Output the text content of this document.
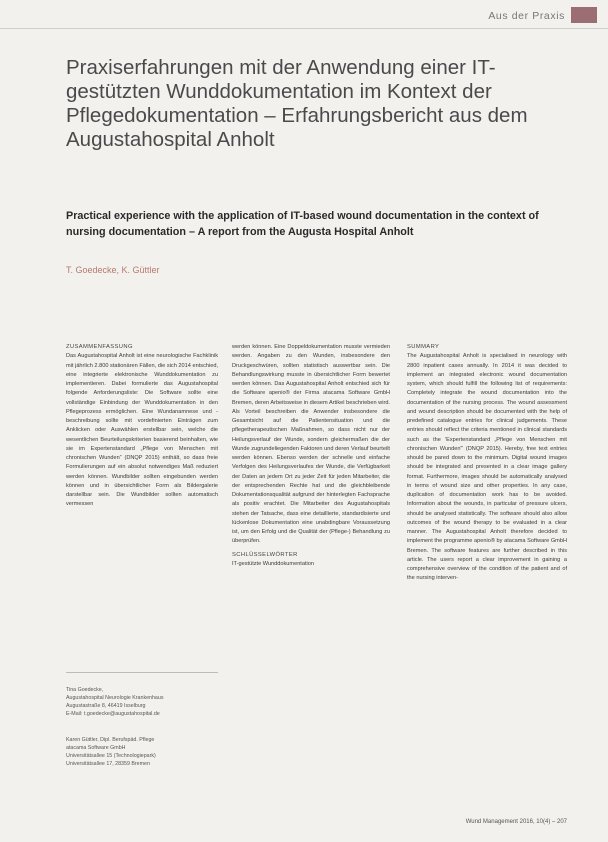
Aus der Praxis
Praxiserfahrungen mit der Anwendung einer IT-gestützten Wunddokumentation im Kontext der Pflegedokumentation – Erfahrungsbericht aus dem Augustahospital Anholt
Practical experience with the application of IT-based wound documentation in the context of nursing documentation – A report from the Augusta Hospital Anholt
T. Goedecke, K. Güttler
ZUSAMMENFASSUNG

Das Augustahospital Anholt ist eine neurologische Fachklinik mit jährlich 2.800 stationären Fällen, die sich 2014 entschied, eine integrierte elektronische Wunddokumentation zu implementieren. Dabei formulierte das Augustahospital folgende Anforderungsliste: Die Software sollte eine vollständige Einbindung der Wunddokumentation in den Pflegeprozess ermöglichen. Eine Wundanamnese und -beschreibung sollte mit vordefinierten Einträgen zum Anklicken oder Auswählen erstellbar sein, welche die wesentlichen Beurteilungskriterien basierend beinhalten, wie sie im Expertenstandard „Pflege von Menschen mit chronischen Wunden“ (DNQP 2015) enthält, so dass freie Formulierungen auf ein absolut notwendiges Maß reduziert werden können. Wundbilder sollten eingebunden werden können und in übersichtlicher Form als Bildergalerie darstellbar sein. Die Wundbilder sollten automatisch vermessen

werden können. Eine Doppeldokumentation musste vermieden werden. Angaben zu den Wunden, insbesondere den Druckgeschwüren, sollten statistisch auswertbar sein. Die Behandlungswirkung musste in übersichtlicher Form bewertet werden können. Das Augustahospital Anholt entschied sich für die Software apenio® der Firma atacama Software GmbH Bremen, deren Arbeitsweise in diesem Artikel beschrieben wird. Als Vorteil beschreiben die Anwender insbesondere die Gesamtsicht auf die Patientensituation und die pflegetherapeutischen Maßnahmen, so dass nicht nur der Heilungsverlauf der Wunde, sondern gleichermaßen die der Wunde zugrundeliegenden Faktoren und deren Verlauf beurteilt werden können. Ebenso werden der schnelle und einfache Verfolgen des Heilungsverlaufes der Wunde, die Verfügbarkeit der Daten an jedem Ort zu jeder Zeit für jeden Mitarbeiter, die der entsprechenden Rechte hat und die gleichbleibende Dokumentationsqualität aufgrund der hinterlegten Fachsprache als positiv erachtet. Die Mitarbeiter des Augustahospitals stehen der Tatsache, dass eine detaillierte, standardisierte und lückenlose Dokumentation eine unabdingbare Voraussetzung ist, um den Erfolg und die Qualität der (Pflege-) Behandlung zu überprüfen.

SCHLÜSSELWÖRTER

IT-gestützte Wunddokumentation

SUMMARY

The Augustahospital Anholt is specialised in neurology with 2800 inpatient cases annually. In 2014 it was decided to implement an integrated electronic wound documentation system, which should fulfill the following list of requirements: Completely integrate the wound documentation into the documentation of the nursing process. The wound assessment and wound description should be documented with the help of predefined catalogue entries for clinical judgements. These entries should reflect the criteria mentioned in clinical standards such as the 'Expertenstandard „Pflege von Menschen mit chronischen Wunden“' (DNQP 2015). Hereby, free text entries should be pared down to the minimum. Digital wound images should be integrated and presented in a clear image gallery format. Furthermore, images should be automatically analysed in terms of wound size and other properties. In any case, duplication of documentation work has to be avoided. Information about the wounds, in particular of pressure ulcers, should be analysed statistically. The software should also allow outcomes of the wound therapy to be evaluated in a clear manner. The Augustahospital Anholt therefore decided to implement the programme apenio® by atacama Software GmbH Bremen. The software features are further described in this article. The users report a clear improvement in gaining a comprehensive overview of the condition of the patient and of the nursing interven-

Tina Goedecke,
Augustahospital Neurologie Krankenhaus
Augustastraße 8, 46419 Isselburg
E-Mail: t.goedecke@augustahospital.de
Karen Güttler, Dipl. Berufspäd. Pflege
atacama Software GmbH
Universitätsallee 15 (Technologiepark)
Universitätsallee 17, 28359 Bremen
Wund Management 2016, 10(4) – 207
